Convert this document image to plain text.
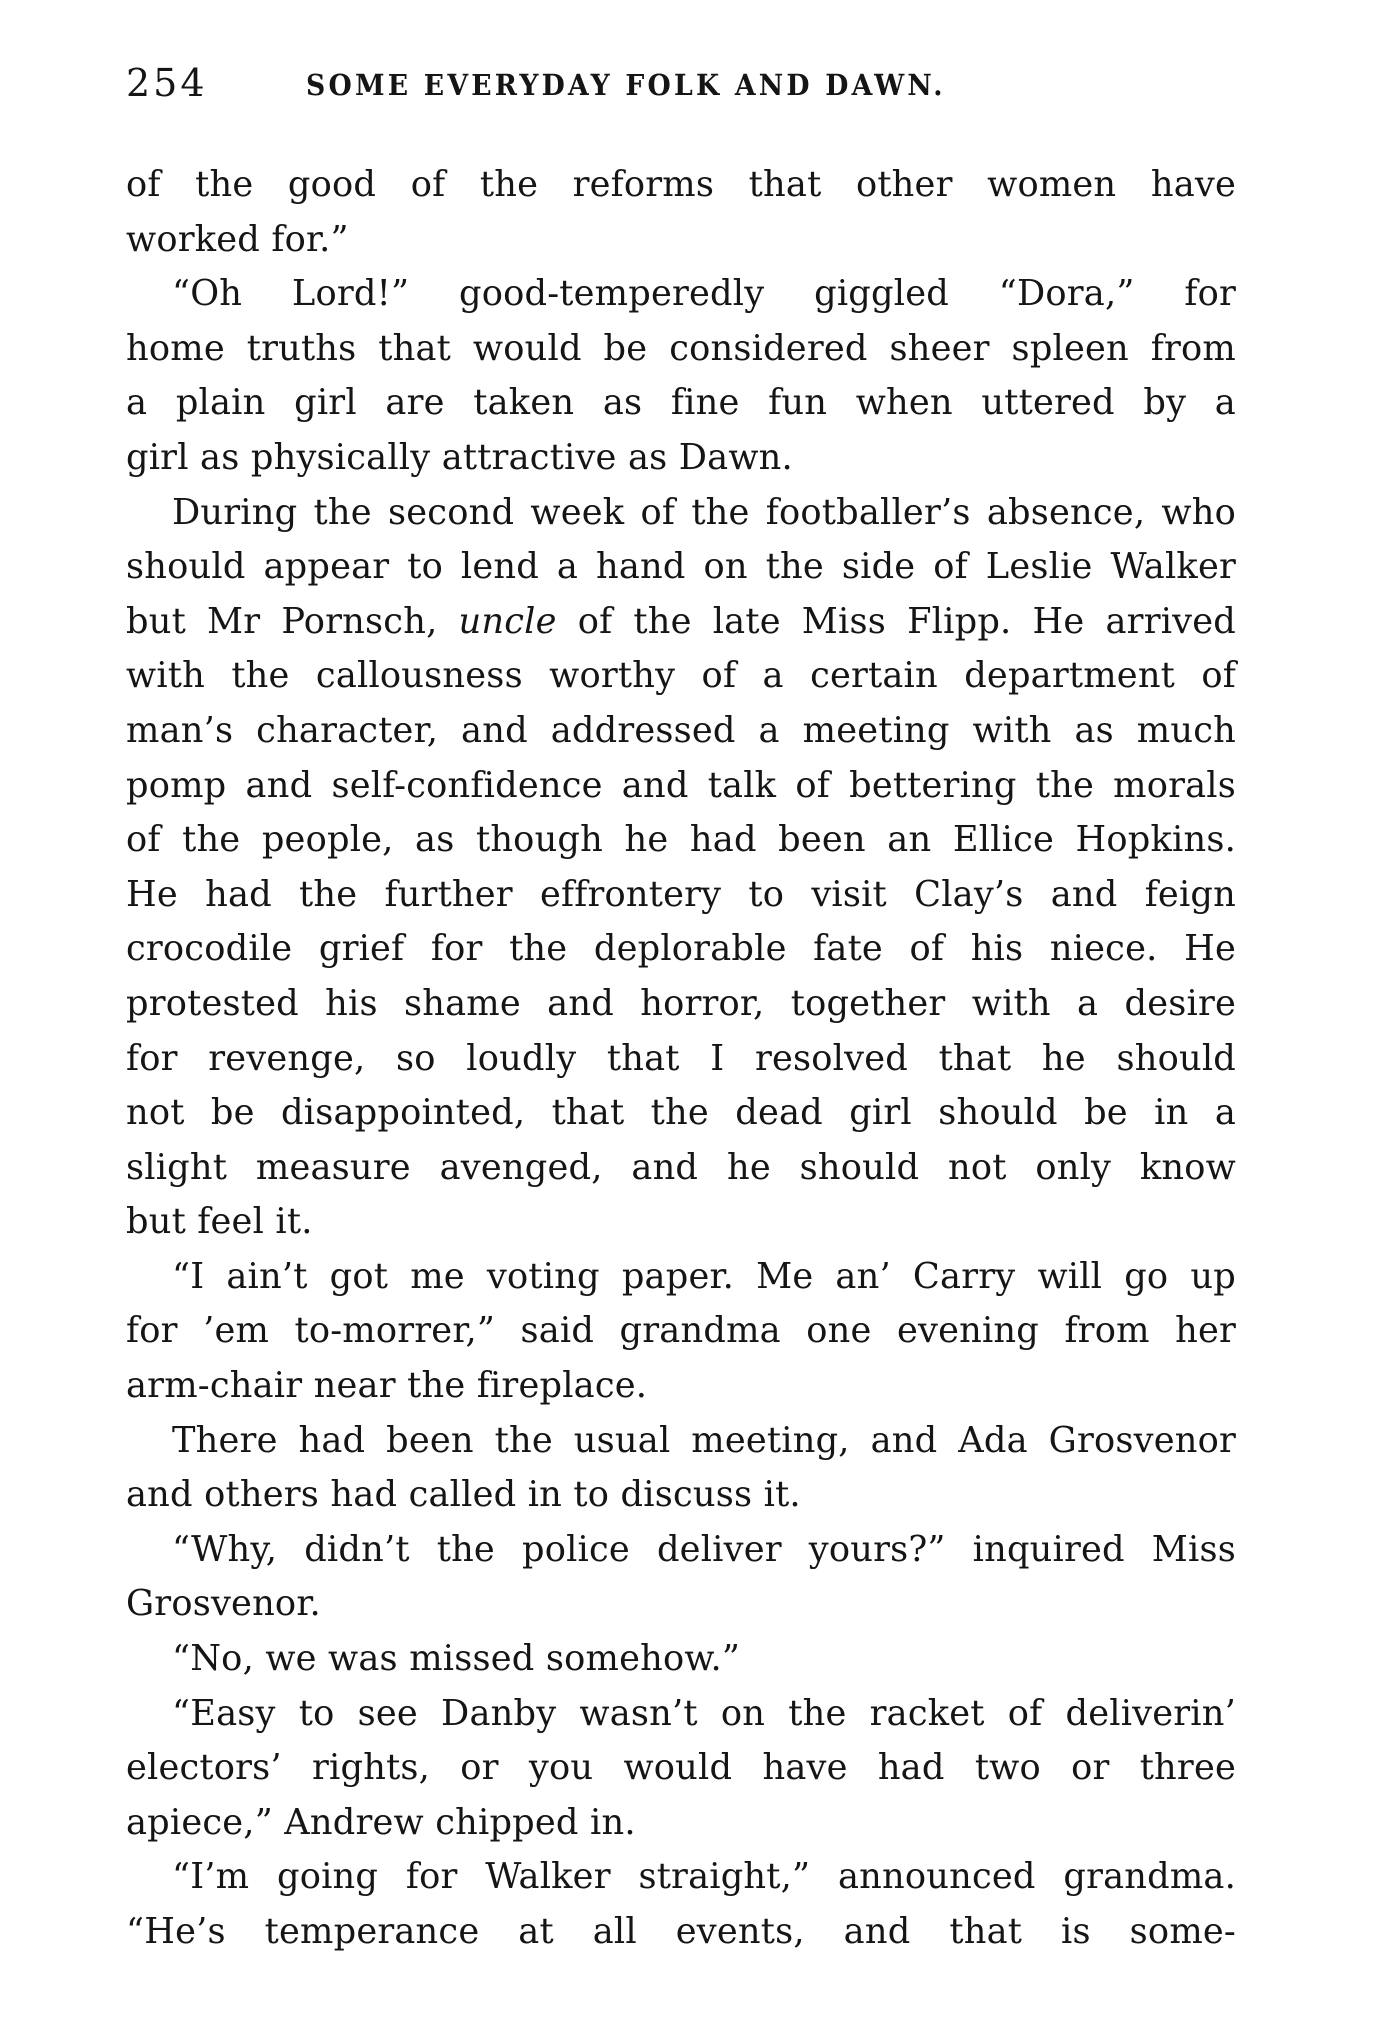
254	SOME EVERYDAY FOLK AND DAWN.
of the good of the reforms that other women have
worked for.”
“Oh Lord!” good-temperedly giggled “Dora,” for
home truths that would be considered sheer spleen from
a plain girl are taken as fine fun when uttered by a
girl as physically attractive as Dawn.
During the second week of the footballer’s absence, who
should appear to lend a hand on the side of Leslie Walker
but Mr Pornsch, uncle of the late Miss Flipp. He arrived
with the callousness worthy of a certain department of
man’s character, and addressed a meeting with as much
pomp and self-confidence and talk of bettering the morals
of the people, as though he had been an Ellice Hopkins.
He had the further effrontery to visit Clay’s and feign
crocodile grief for the deplorable fate of his niece. He
protested his shame and horror, together with a desire
for revenge, so loudly that I resolved that he should
not be disappointed, that the dead girl should be in a
slight measure avenged, and he should not only know
but feel it.
“I ain’t got me voting paper. Me an’ Carry will go up
for ’em to-morrer,” said grandma one evening from her
arm-chair near the fireplace.
There had been the usual meeting, and Ada Grosvenor
and others had called in to discuss it.
“Why, didn’t the police deliver yours?” inquired Miss
Grosvenor.
“No, we was missed somehow.”
“Easy to see Danby wasn’t on the racket of deliverin’
electors’ rights, or you would have had two or three
apiece,” Andrew chipped in.
“I’m going for Walker straight,” announced grandma.
“He’s temperance at all events, and that is some-
